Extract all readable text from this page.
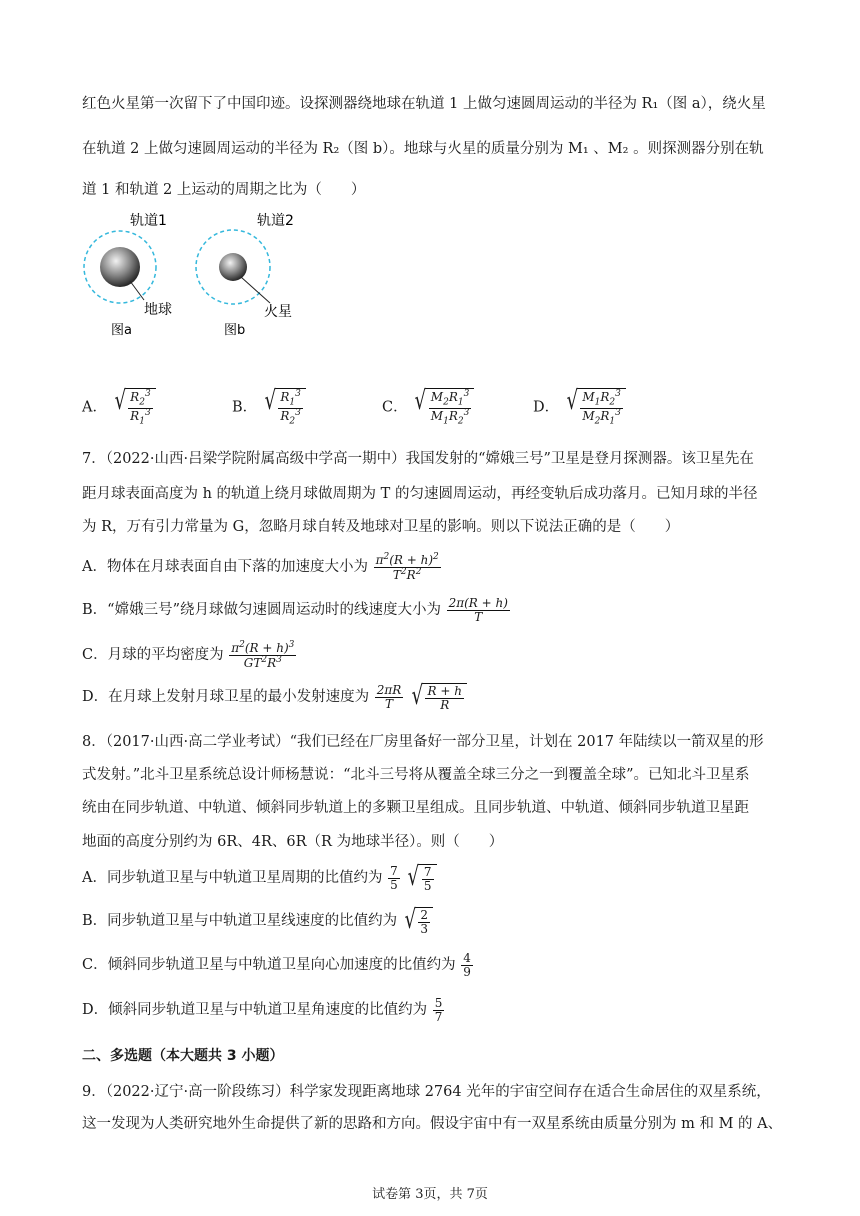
红色火星第一次留下了中国印迹。设探测器绕地球在轨道 1 上做匀速圆周运动的半径为 R₁（图 a），绕火星
在轨道 2 上做匀速圆周运动的半径为 R₂（图 b）。地球与火星的质量分别为 M₁ 、M₂ 。则探测器分别在轨
道 1 和轨道 2 上运动的周期之比为（　　）
轨道1
地球
图a
轨道2
火星
图b
A． √ $\frac{R_2^3}{R_1^3}$	B． √ $\frac{R_1^3}{R_2^3}$	C． √ $\frac{M_2R_1^3}{M_1R_2^3}$	D． √ $\frac{M_1R_2^3}{M_2R_1^3}$
7．（2022·山西·吕梁学院附属高级中学高一期中）我国发射的“嫦娥三号”卫星是登月探测器。该卫星先在
距月球表面高度为 h 的轨道上绕月球做周期为 T 的匀速圆周运动，再经变轨后成功落月。已知月球的半径
为 R，万有引力常量为 G，忽略月球自转及地球对卫星的影响。则以下说法正确的是（　　）
A．物体在月球表面自由下落的加速度大小为 $\frac{\pi^2(R + h)^2}{T^2R^2}$
B．“嫦娥三号”绕月球做匀速圆周运动时的线速度大小为 $\frac{2\pi(R + h)}{T}$
C．月球的平均密度为 $\frac{\pi^2(R + h)^3}{GT^2R^3}$
D．在月球上发射月球卫星的最小发射速度为 $\frac{2\pi R}{T}$
√ $\frac{R + h}{R}$
8．（2017·山西·高二学业考试）“我们已经在厂房里备好一部分卫星，计划在 2017 年陆续以一箭双星的形
式发射。”北斗卫星系统总设计师杨慧说：“北斗三号将从覆盖全球三分之一到覆盖全球”。已知北斗卫星系
统由在同步轨道、中轨道、倾斜同步轨道上的多颗卫星组成。且同步轨道、中轨道、倾斜同步轨道卫星距
地面的高度分别约为 6R、4R、6R（R 为地球半径）。则（　　）
A．同步轨道卫星与中轨道卫星周期的比值约为 $\frac{7}{5}$
√ $\frac{7}{5}$
B．同步轨道卫星与中轨道卫星线速度的比值约为 √ $\frac{2}{3}$
C．倾斜同步轨道卫星与中轨道卫星向心加速度的比值约为 $\frac{4}{9}$
D．倾斜同步轨道卫星与中轨道卫星角速度的比值约为 $\frac{5}{7}$
二、多选题（本大题共 3 小题）
9．（2022·辽宁·高一阶段练习）科学家发现距离地球 2764 光年的宇宙空间存在适合生命居住的双星系统，
这一发现为人类研究地外生命提供了新的思路和方向。假设宇宙中有一双星系统由质量分别为 m 和 M 的 A、
试卷第 3页，共 7页
